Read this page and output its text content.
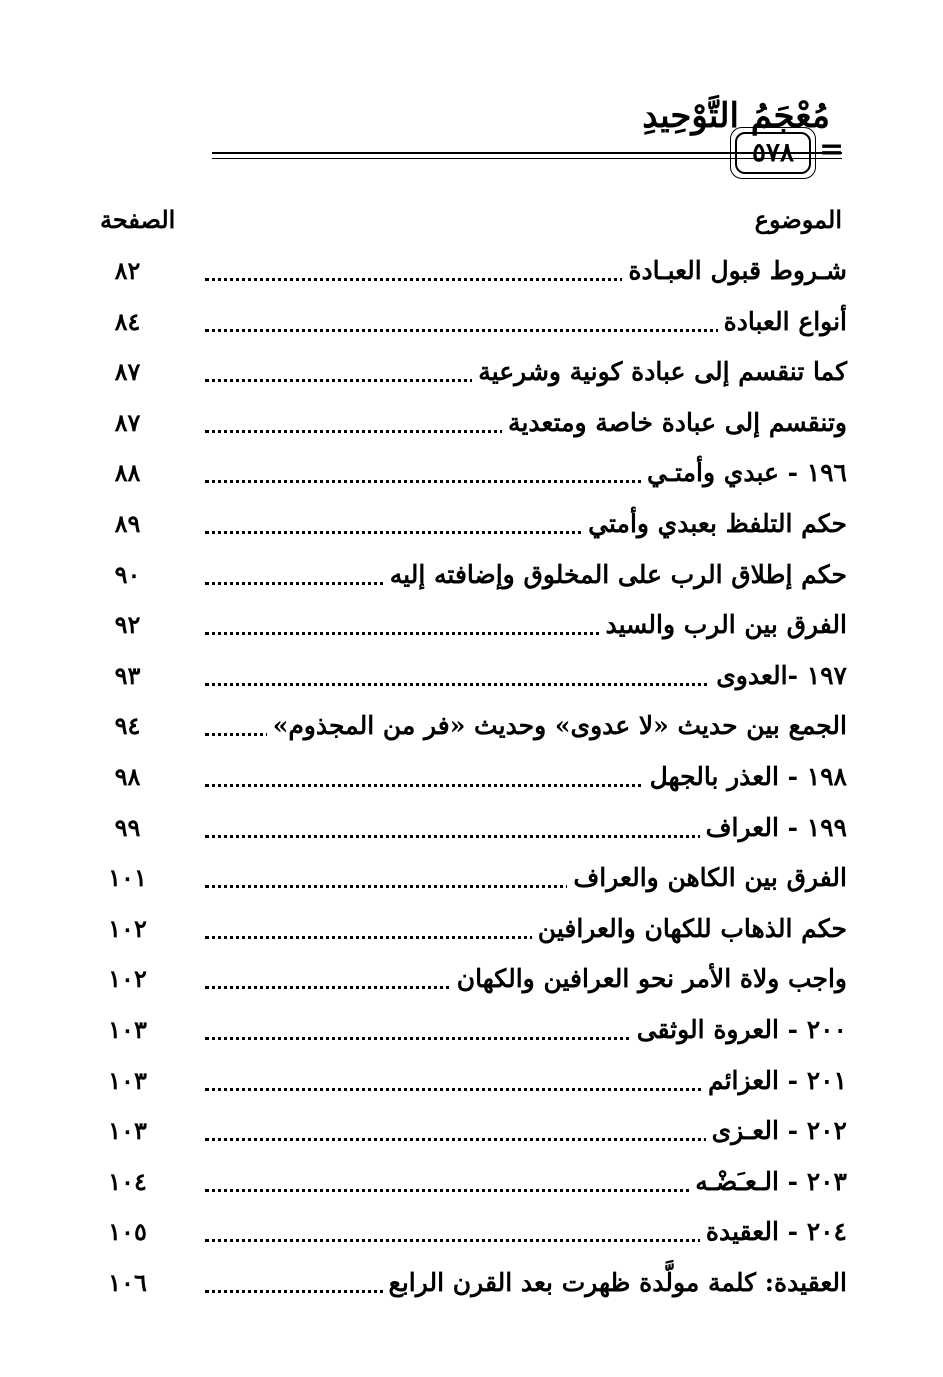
مُعْجَمُ التَّوْحِيدِ
٥٧٨ =
الموضوع
الصفحة
شـروط قبول العبـادة
٨٢
أنواع العبادة
٨٤
كما تنقسم إلى عبادة كونية وشرعية
٨٧
وتنقسم إلى عبادة خاصة ومتعدية
٨٧
١٩٦ - عبدي وأمتـي
٨٨
حكم التلفظ بعبدي وأمتي
٨٩
حكم إطلاق الرب على المخلوق وإضافته إليه
٩٠
الفرق بين الرب والسيد
٩٢
١٩٧ -العدوى
٩٣
الجمع بين حديث «لا عدوى» وحديث «فر من المجذوم»
٩٤
١٩٨ - العذر بالجهل
٩٨
١٩٩ - العراف
٩٩
الفرق بين الكاهن والعراف
١٠١
حكم الذهاب للكهان والعرافين
١٠٢
واجب ولاة الأمر نحو العرافين والكهان
١٠٢
٢٠٠ - العروة الوثقى
١٠٣
٢٠١ - العزائم
١٠٣
٢٠٢ - العـزى
١٠٣
٢٠٣ - الـعـَضْـه
١٠٤
٢٠٤ - العقيدة
١٠٥
العقيدة: كلمة مولَّدة ظهرت بعد القرن الرابع
١٠٦
